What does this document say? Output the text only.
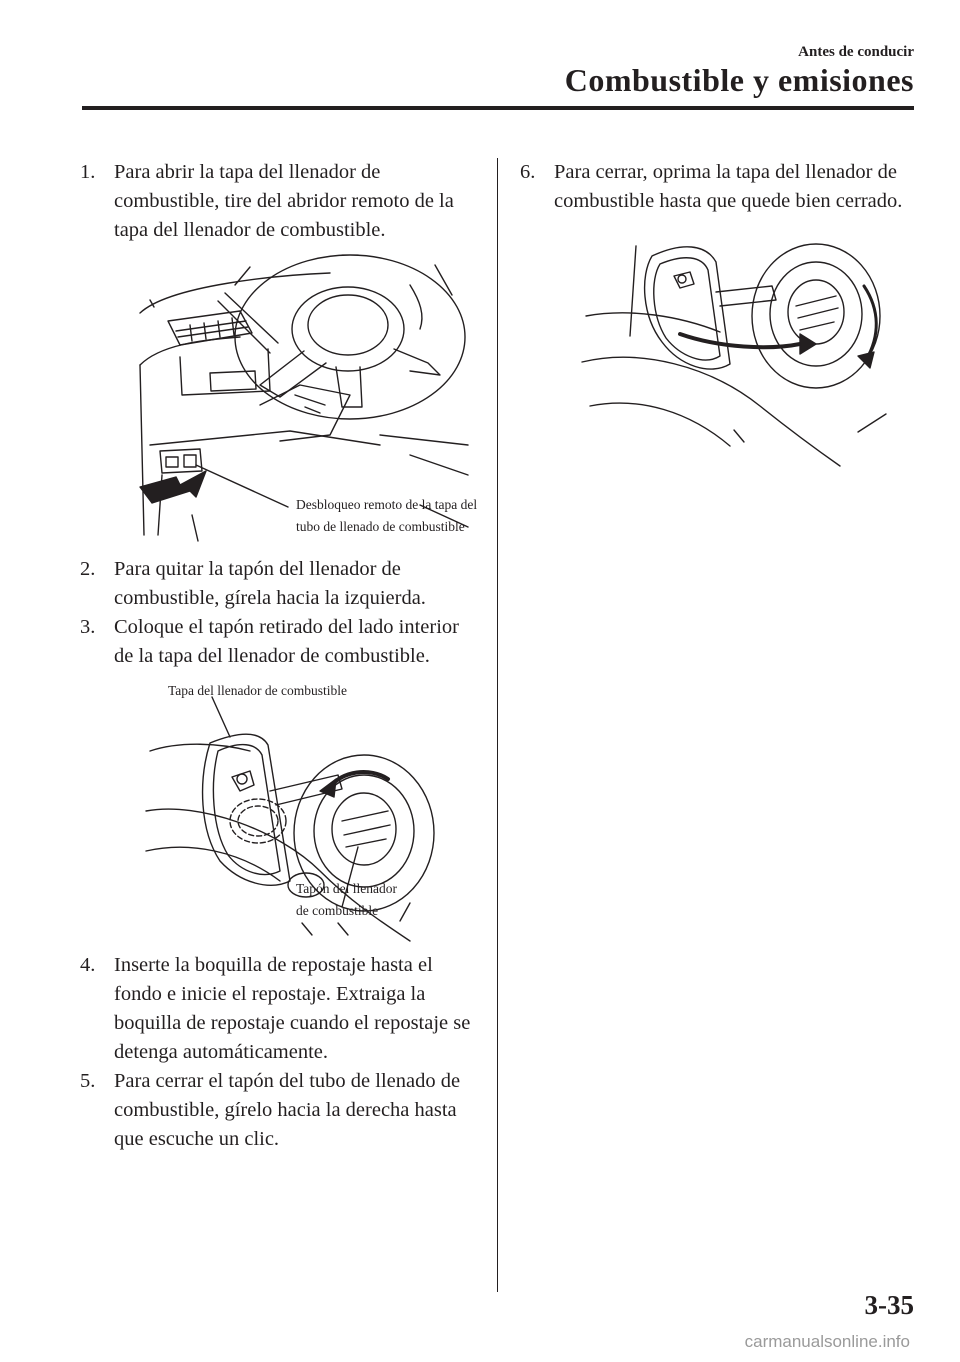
Antes de conducir
Combustible y emisiones
1. Para abrir la tapa del llenador de combustible, tire del abridor remoto de la tapa del llenador de combustible.
Desbloqueo remoto de la tapa del
tubo de llenado de combustible
2. Para quitar la tapón del llenador de combustible, gírela hacia la izquierda.
3. Coloque el tapón retirado del lado interior de la tapa del llenador de combustible.
Tapa del llenador de combustible
Tapón del llenador
de combustible
4. Inserte la boquilla de repostaje hasta el fondo e inicie el repostaje. Extraiga la boquilla de repostaje cuando el repostaje se detenga automáticamente.
5. Para cerrar el tapón del tubo de llenado de combustible, gírelo hacia la derecha hasta que escuche un clic.
6. Para cerrar, oprima la tapa del llenador de combustible hasta que quede bien cerrado.
3-35
carmanualsonline.info
